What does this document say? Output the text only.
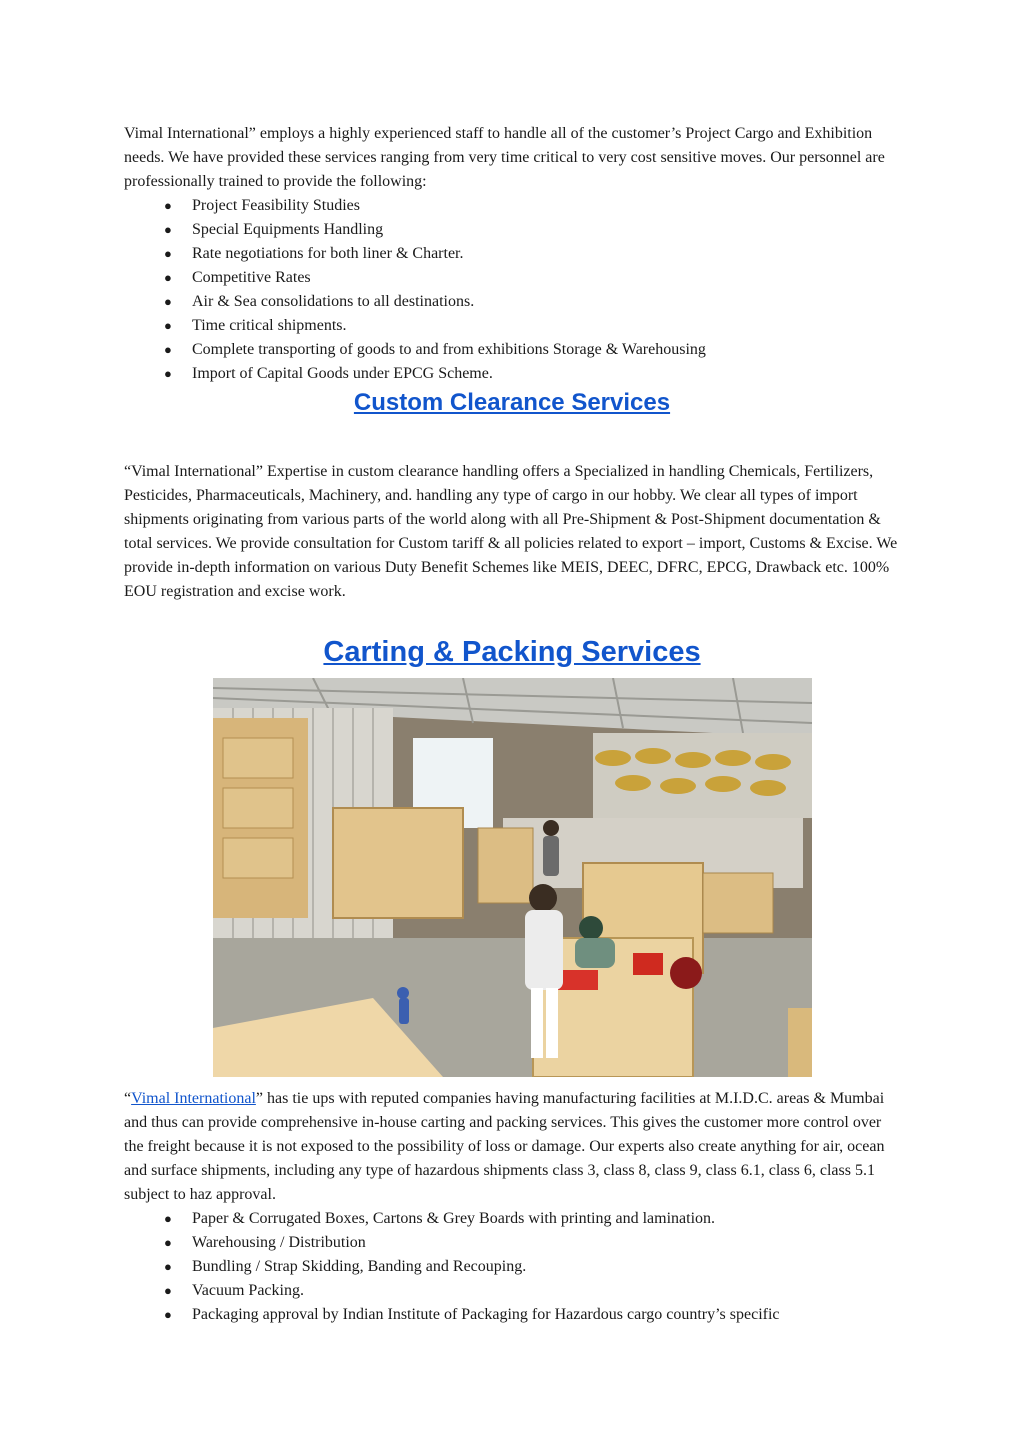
Vimal International” employs a highly experienced staff to handle all of the customer’s Project Cargo and Exhibition needs. We have provided these services ranging from very time critical to very cost sensitive moves. Our personnel are professionally trained to provide the following:

● Project Feasibility Studies
● Special Equipments Handling
● Rate negotiations for both liner & Charter.
● Competitive Rates
● Air & Sea consolidations to all destinations.
● Time critical shipments.
● Complete transporting of goods to and from exhibitions Storage & Warehousing
● Import of Capital Goods under EPCG Scheme.
Custom Clearance Services

“Vimal International” Expertise in custom clearance handling offers a Specialized in handling Chemicals, Fertilizers, Pesticides, Pharmaceuticals, Machinery, and. handling any type of cargo in our hobby. We clear all types of import shipments originating from various parts of the world along with all Pre-Shipment & Post-Shipment documentation & total services. We provide consultation for Custom tariff & all policies related to export – import, Customs & Excise. We provide in-depth information on various Duty Benefit Schemes like MEIS, DEEC, DFRC, EPCG, Drawback etc. 100% EOU registration and excise work.

Carting & Packing Services

“Vimal International” has tie ups with reputed companies having manufacturing facilities at M.I.D.C. areas & Mumbai and thus can provide comprehensive in-house carting and packing services. This gives the customer more control over the freight because it is not exposed to the possibility of loss or damage. Our experts also create anything for air, ocean and surface shipments, including any type of hazardous shipments class 3, class 8, class 9, class 6.1, class 6, class 5.1 subject to haz approval.

● Paper & Corrugated Boxes, Cartons & Grey Boards with printing and lamination.
● Warehousing / Distribution
● Bundling / Strap Skidding, Banding and Recouping.
● Vacuum Packing.
● Packaging approval by Indian Institute of Packaging for Hazardous cargo country’s specific
